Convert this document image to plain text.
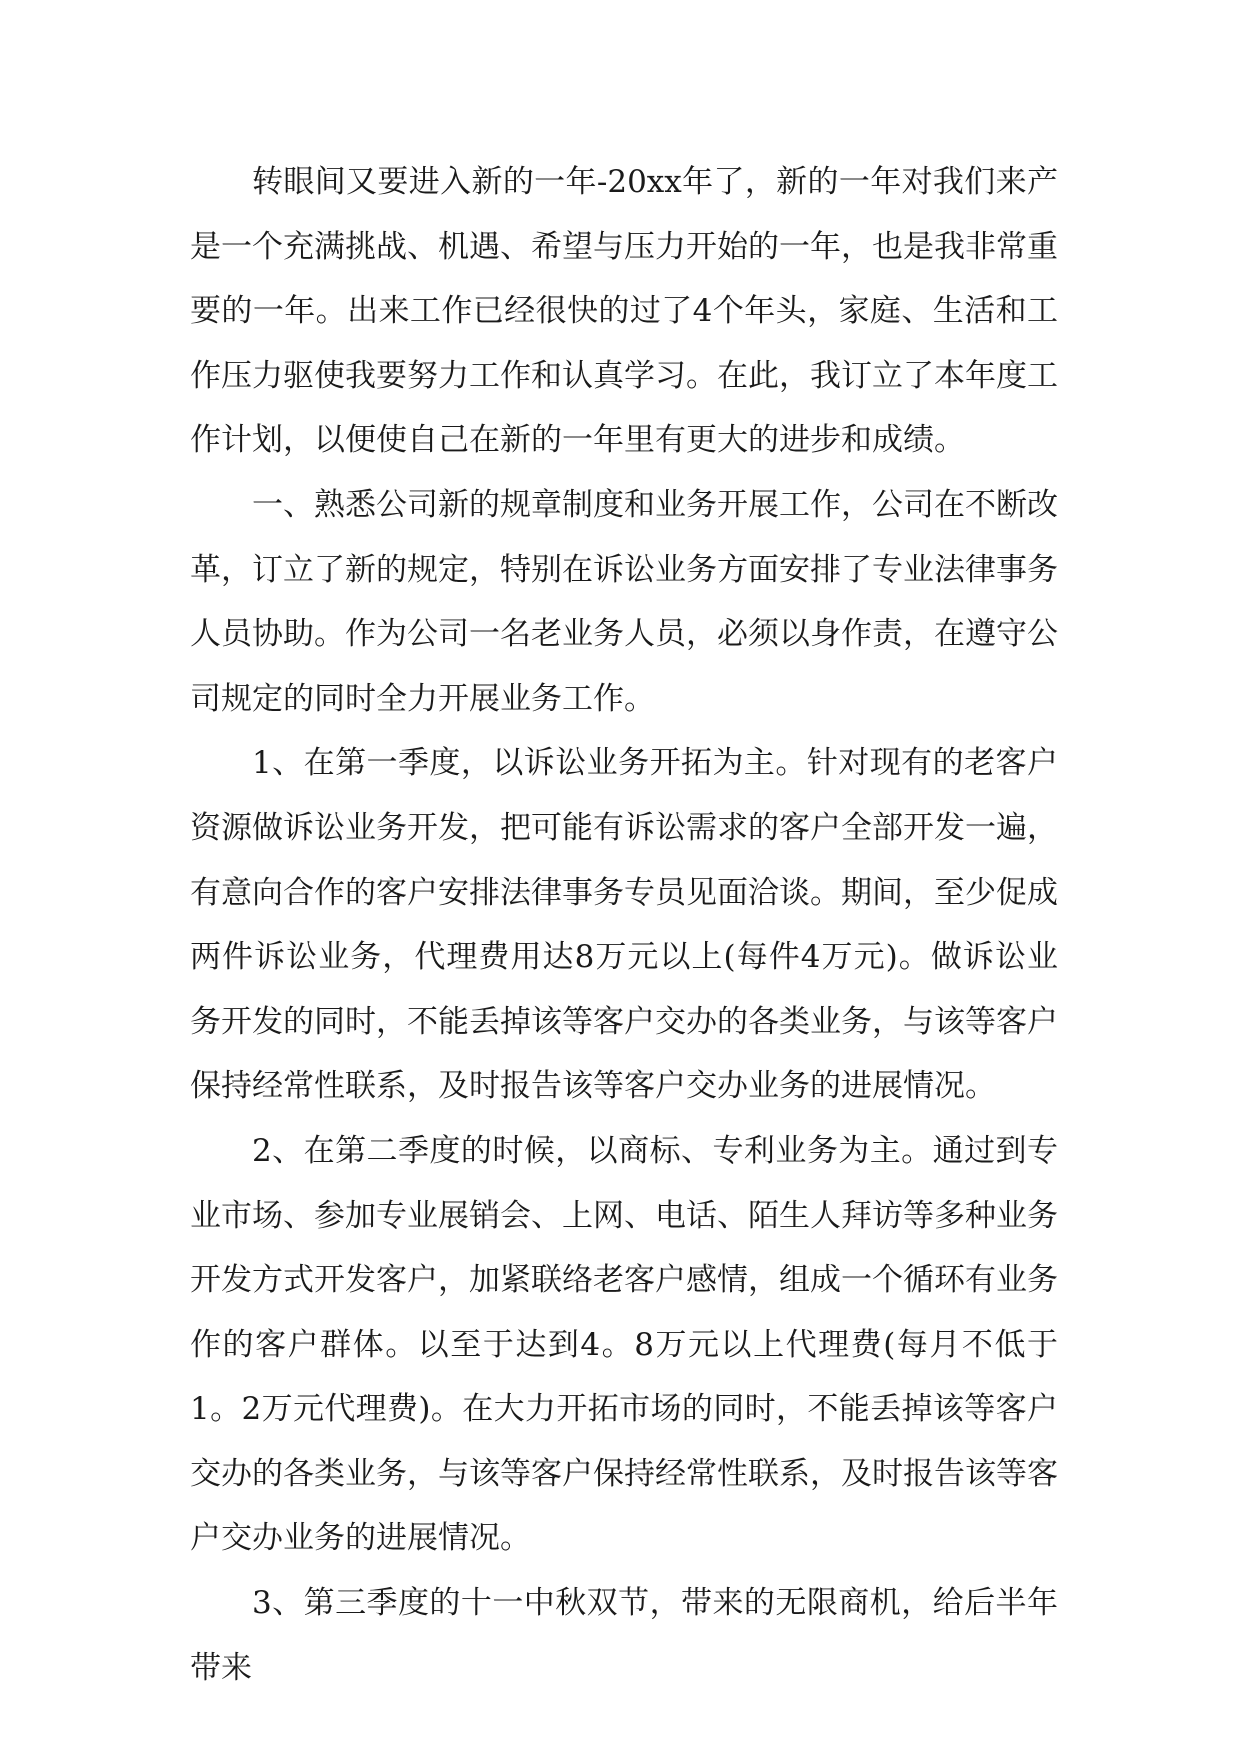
转眼间又要进入新的一年-20xx年了，新的一年对我们来产是一个充满挑战、机遇、希望与压力开始的一年，也是我非常重要的一年。出来工作已经很快的过了4个年头，家庭、生活和工作压力驱使我要努力工作和认真学习。在此，我订立了本年度工作计划，以便使自己在新的一年里有更大的进步和成绩。

一、熟悉公司新的规章制度和业务开展工作，公司在不断改革，订立了新的规定，特别在诉讼业务方面安排了专业法律事务人员协助。作为公司一名老业务人员，必须以身作责，在遵守公司规定的同时全力开展业务工作。

1、在第一季度，以诉讼业务开拓为主。针对现有的老客户资源做诉讼业务开发，把可能有诉讼需求的客户全部开发一遍，有意向合作的客户安排法律事务专员见面洽谈。期间，至少促成两件诉讼业务，代理费用达8万元以上(每件4万元)。做诉讼业务开发的同时，不能丢掉该等客户交办的各类业务，与该等客户保持经常性联系，及时报告该等客户交办业务的进展情况。

2、在第二季度的时候，以商标、专利业务为主。通过到专业市场、参加专业展销会、上网、电话、陌生人拜访等多种业务开发方式开发客户，加紧联络老客户感情，组成一个循环有业务作的客户群体。以至于达到4。8万元以上代理费(每月不低于1。2万元代理费)。在大力开拓市场的同时，不能丢掉该等客户交办的各类业务，与该等客户保持经常性联系，及时报告该等客户交办业务的进展情况。

3、第三季度的十一中秋双节，带来的无限商机，给后半年带来
